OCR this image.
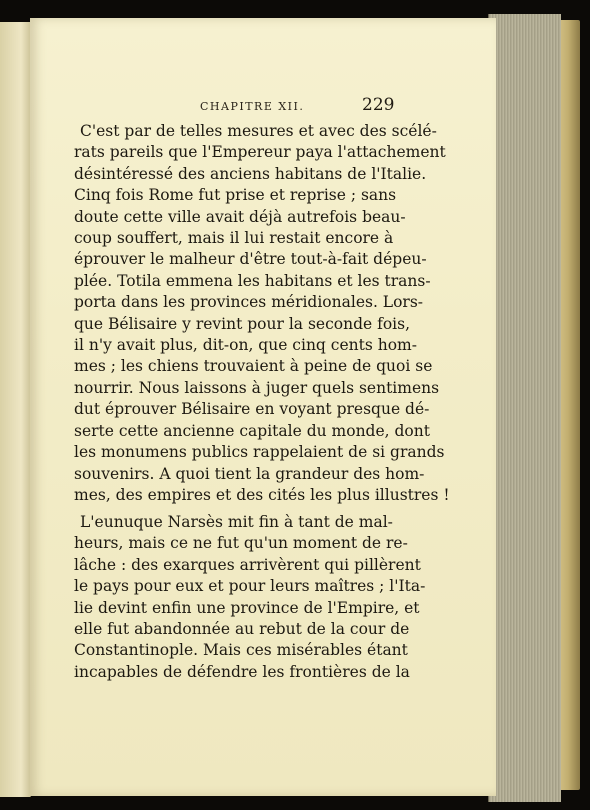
CHAPITRE XII.	229
C'est par de telles mesures et avec des scélé-
rats pareils que l'Empereur paya l'attachement
désintéressé des anciens habitans de l'Italie.
Cinq fois Rome fut prise et reprise ; sans
doute cette ville avait déjà autrefois beau-
coup souffert, mais il lui restait encore à
éprouver le malheur d'être tout-à-fait dépeu-
plée. Totila emmena les habitans et les trans-
porta dans les provinces méridionales. Lors-
que Bélisaire y revint pour la seconde fois,
il n'y avait plus, dit-on, que cinq cents hom-
mes ; les chiens trouvaient à peine de quoi se
nourrir. Nous laissons à juger quels sentimens
dut éprouver Bélisaire en voyant presque dé-
serte cette ancienne capitale du monde, dont
les monumens publics rappelaient de si grands
souvenirs. A quoi tient la grandeur des hom-
mes, des empires et des cités les plus illustres !
L'eunuque Narsès mit fin à tant de mal-
heurs, mais ce ne fut qu'un moment de re-
lâche : des exarques arrivèrent qui pillèrent
le pays pour eux et pour leurs maîtres ; l'Ita-
lie devint enfin une province de l'Empire, et
elle fut abandonnée au rebut de la cour de
Constantinople. Mais ces misérables étant
incapables de défendre les frontières de la
